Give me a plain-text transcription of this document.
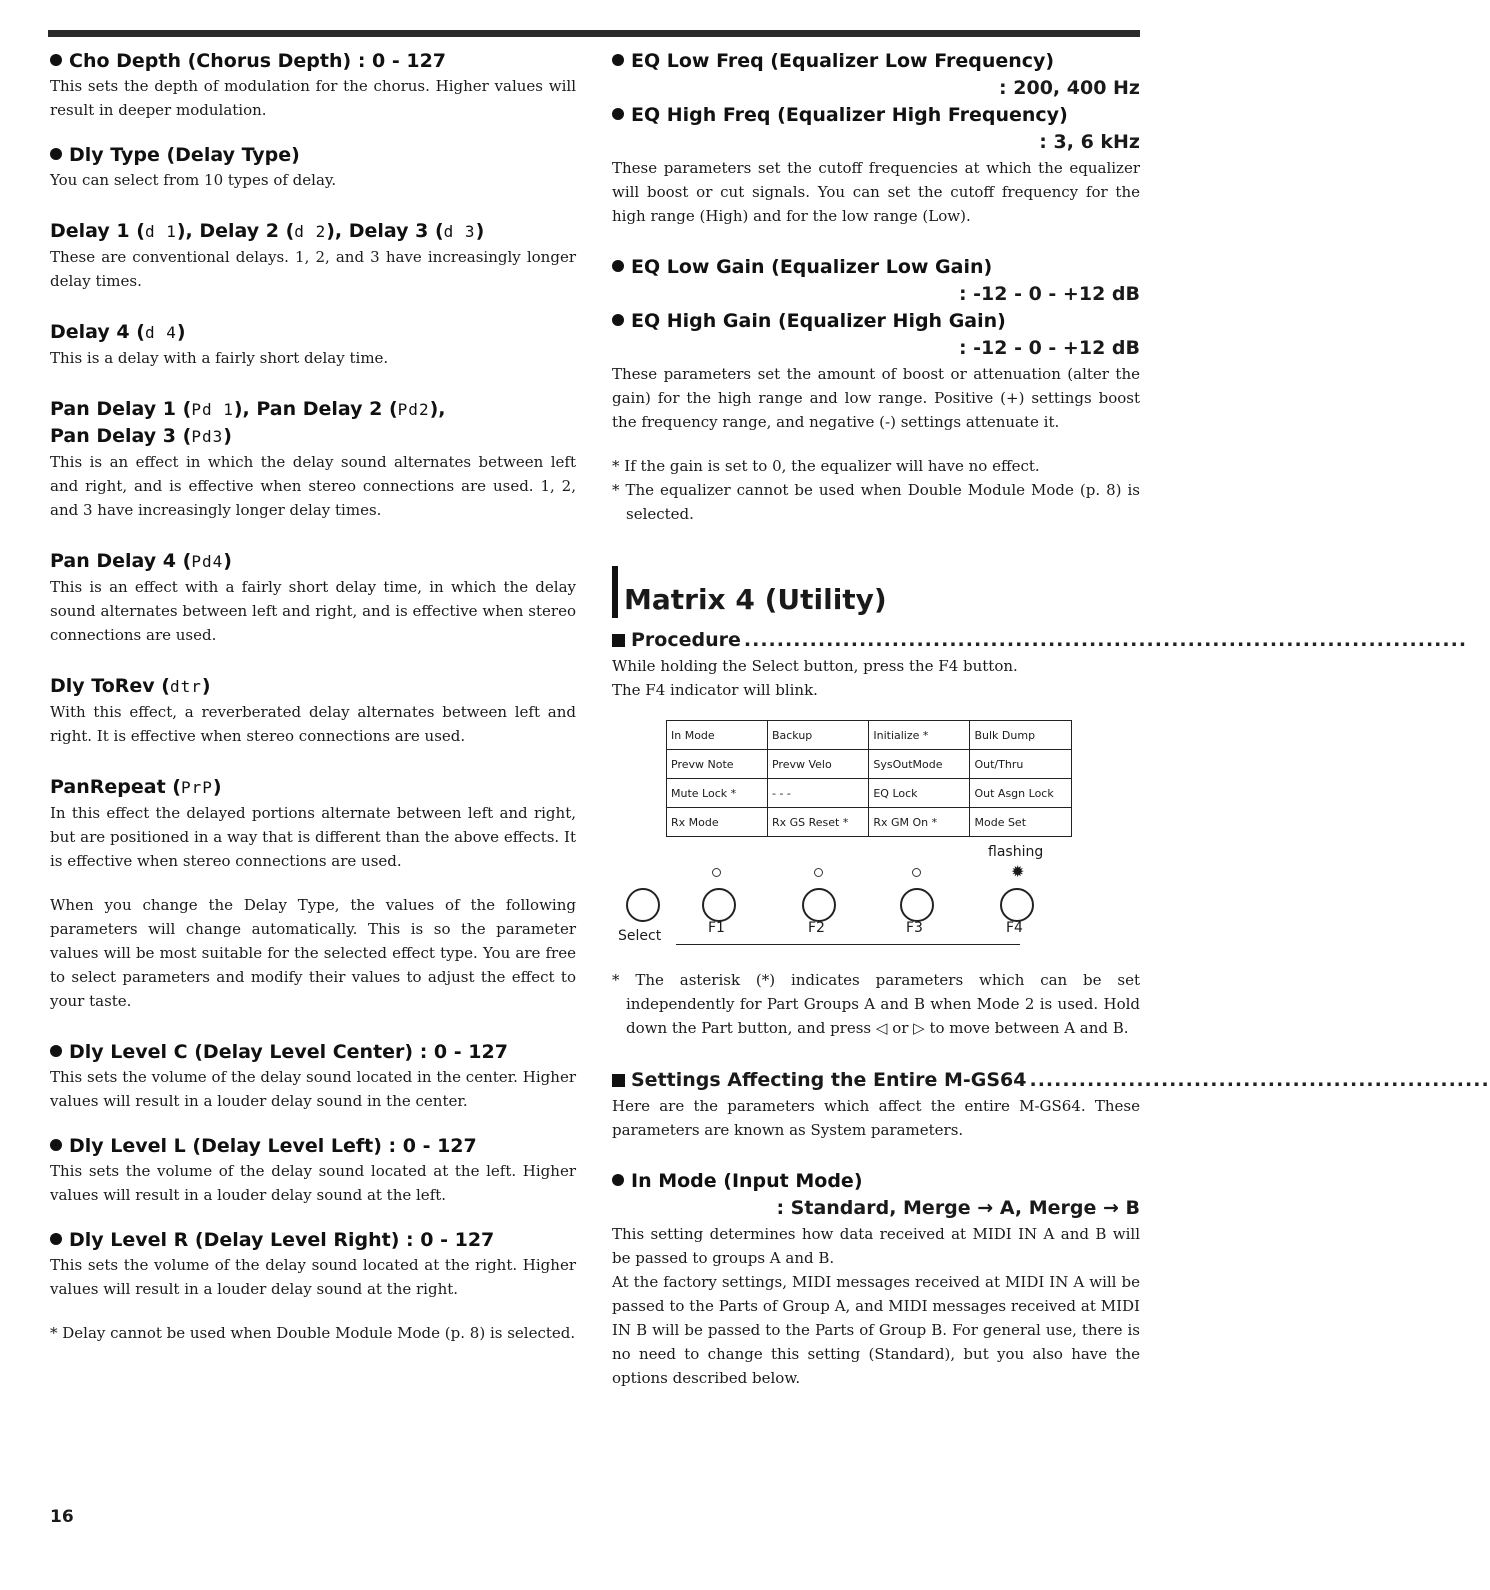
Cho Depth (Chorus Depth) : 0 - 127

This sets the depth of modulation for the chorus. Higher values will result in deeper modulation.

Dly Type (Delay Type)

You can select from 10 types of delay.

Delay 1 (d 1), Delay 2 (d 2), Delay 3 (d 3)

These are conventional delays. 1, 2, and 3 have increasingly longer delay times.

Delay 4 (d 4)

This is a delay with a fairly short delay time.

Pan Delay 1 (Pd 1), Pan Delay 2 (Pd2),
Pan Delay 3 (Pd3)

This is an effect in which the delay sound alternates between left and right, and is effective when stereo connections are used. 1, 2, and 3 have increasingly longer delay times.

Pan Delay 4 (Pd4)

This is an effect with a fairly short delay time, in which the delay sound alternates between left and right, and is effective when stereo connections are used.

Dly ToRev (dtr)

With this effect, a reverberated delay alternates between left and right. It is effective when stereo connections are used.

PanRepeat (PrP)

In this effect the delayed portions alternate between left and right, but are positioned in a way that is different than the above effects. It is effective when stereo connections are used.

When you change the Delay Type, the values of the following parameters will change automatically. This is so the parameter values will be most suitable for the selected effect type. You are free to select parameters and modify their values to adjust the effect to your taste.

Dly Level C (Delay Level Center) : 0 - 127

This sets the volume of the delay sound located in the center. Higher values will result in a louder delay sound in the center.

Dly Level L (Delay Level Left) : 0 - 127

This sets the volume of the delay sound located at the left. Higher values will result in a louder delay sound at the left.

Dly Level R (Delay Level Right) : 0 - 127

This sets the volume of the delay sound located at the right. Higher values will result in a louder delay sound at the right.

* Delay cannot be used when Double Module Mode (p. 8) is selected.

EQ Low Freq (Equalizer Low Frequency)
: 200, 400 Hz
EQ High Freq (Equalizer High Frequency)
: 3, 6 kHz

These parameters set the cutoff frequencies at which the equalizer will boost or cut signals. You can set the cutoff frequency for the high range (High) and for the low range (Low).

EQ Low Gain (Equalizer Low Gain)
: -12 - 0 - +12 dB
EQ High Gain (Equalizer High Gain)
: -12 - 0 - +12 dB

These parameters set the amount of boost or attenuation (alter the gain) for the high range and low range. Positive (+) settings boost the frequency range, and negative (-) settings attenuate it.

* If the gain is set to 0, the equalizer will have no effect.

* The equalizer cannot be used when Double Module Mode (p. 8) is selected.

Matrix 4 (Utility)
Procedure ........................................................................................

While holding the Select button, press the F4 button.

The F4 indicator will blink.

In Mode	Backup	Initialize *	Bulk Dump
Prevw Note	Prevw Velo	SysOutMode	Out/Thru
Mute Lock *	- - -	EQ Lock	Out Asgn Lock
Rx Mode	Rx GS Reset *	Rx GM On *	Mode Set
flashing
✹
Select	F1	F2	F3	F4

* The asterisk (*) indicates parameters which can be set independently for Part Groups A and B when Mode 2 is used. Hold down the Part button, and press ◁ or ▷ to move between A and B.

Settings Affecting the Entire M-GS64 ........................................................

Here are the parameters which affect the entire M-GS64. These parameters are known as System parameters.

In Mode (Input Mode)
: Standard, Merge → A, Merge → B

This setting determines how data received at MIDI IN A and B will be passed to groups A and B.

At the factory settings, MIDI messages received at MIDI IN A will be passed to the Parts of Group A, and MIDI messages received at MIDI IN B will be passed to the Parts of Group B. For general use, there is no need to change this setting (Standard), but you also have the options described below.

16
